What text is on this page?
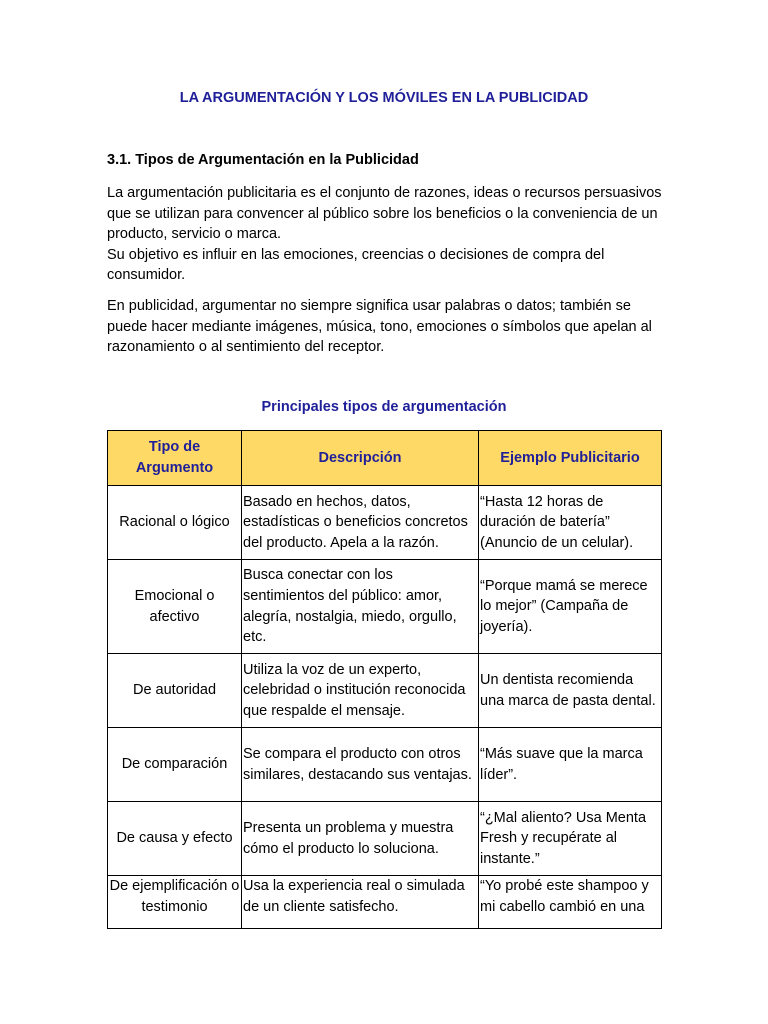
LA ARGUMENTACIÓN Y LOS MÓVILES EN LA PUBLICIDAD
3.1. Tipos de Argumentación en la Publicidad

La argumentación publicitaria es el conjunto de razones, ideas o recursos persuasivos que se utilizan para convencer al público sobre los beneficios o la conveniencia de un producto, servicio o marca.
Su objetivo es influir en las emociones, creencias o decisiones de compra del consumidor.

En publicidad, argumentar no siempre significa usar palabras o datos; también se puede hacer mediante imágenes, música, tono, emociones o símbolos que apelan al razonamiento o al sentimiento del receptor.

Principales tipos de argumentación
Tipo de Argumento	Descripción	Ejemplo Publicitario
Racional o lógico	Basado en hechos, datos, estadísticas o beneficios concretos del producto. Apela a la razón.	“Hasta 12 horas de duración de batería” (Anuncio de un celular).
Emocional o afectivo	Busca conectar con los sentimientos del público: amor, alegría, nostalgia, miedo, orgullo, etc.	“Porque mamá se merece lo mejor” (Campaña de joyería).
De autoridad	Utiliza la voz de un experto, celebridad o institución reconocida que respalde el mensaje.	Un dentista recomienda una marca de pasta dental.
De comparación	Se compara el producto con otros similares, destacando sus ventajas.	“Más suave que la marca líder”.
De causa y efecto	Presenta un problema y muestra cómo el producto lo soluciona.	“¿Mal aliento? Usa Menta Fresh y recupérate al instante.”

De ejemplificación o testimonio	Usa la experiencia real o simulada de un cliente satisfecho.	“Yo probé este shampoo y mi cabello cambió en una
